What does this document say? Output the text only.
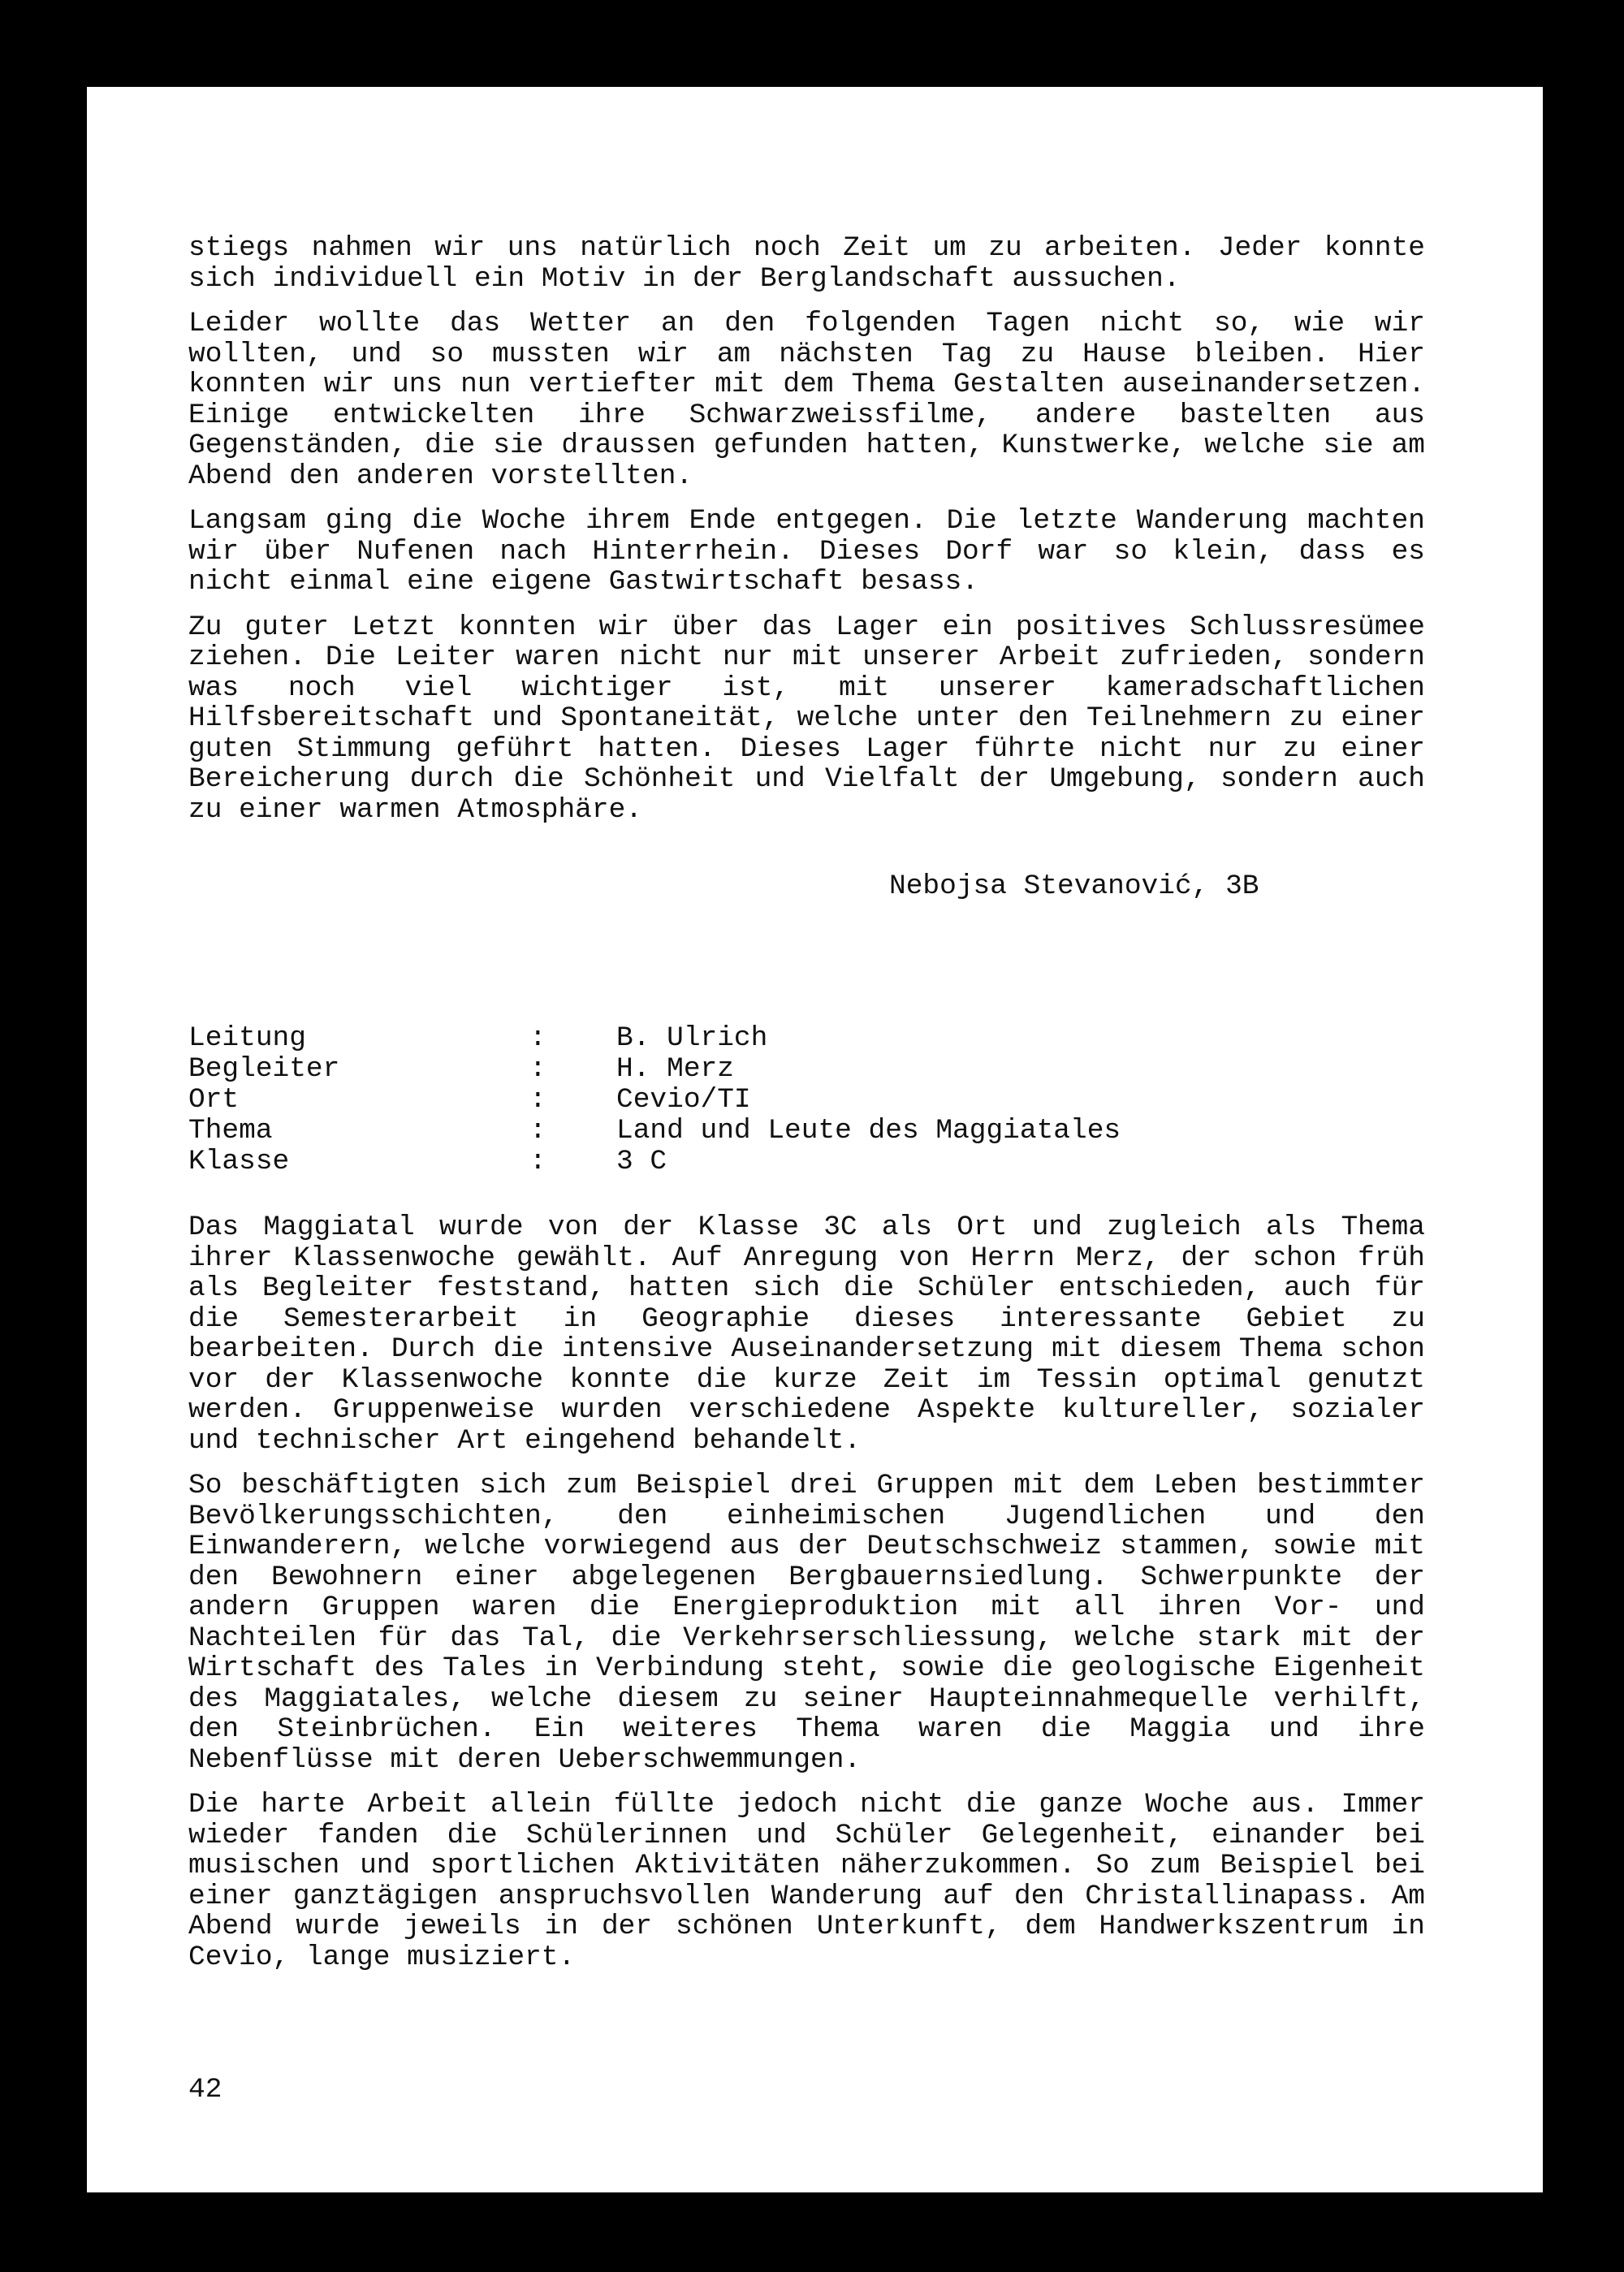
stiegs nahmen wir uns natürlich noch Zeit um zu arbeiten. Jeder konnte sich individuell ein Motiv in der Berglandschaft aussuchen.

Leider wollte das Wetter an den folgenden Tagen nicht so, wie wir wollten, und so mussten wir am nächsten Tag zu Hause bleiben. Hier konnten wir uns nun vertiefter mit dem Thema Gestalten auseinandersetzen. Einige entwickelten ihre Schwarzweissfilme, andere bastelten aus Gegenständen, die sie draussen gefunden hatten, Kunstwerke, welche sie am Abend den anderen vorstellten.

Langsam ging die Woche ihrem Ende entgegen. Die letzte Wanderung machten wir über Nufenen nach Hinterrhein. Dieses Dorf war so klein, dass es nicht einmal eine eigene Gastwirtschaft besass.

Zu guter Letzt konnten wir über das Lager ein positives Schlussresümee ziehen. Die Leiter waren nicht nur mit unserer Arbeit zufrieden, sondern was noch viel wichtiger ist, mit unserer kameradschaftlichen Hilfsbereitschaft und Spontaneität, welche unter den Teilnehmern zu einer guten Stimmung geführt hatten. Dieses Lager führte nicht nur zu einer Bereicherung durch die Schönheit und Vielfalt der Umgebung, sondern auch zu einer warmen Atmosphäre.

Nebojsa Stevanović, 3B
Leitung	:	B. Ulrich
Begleiter	:	H. Merz
Ort	:	Cevio/TI
Thema	:	Land und Leute des Maggiatales
Klasse	:	3 C

Das Maggiatal wurde von der Klasse 3C als Ort und zugleich als Thema ihrer Klassenwoche gewählt. Auf Anregung von Herrn Merz, der schon früh als Begleiter feststand, hatten sich die Schüler entschieden, auch für die Semesterarbeit in Geographie dieses interessante Gebiet zu bearbeiten. Durch die intensive Auseinandersetzung mit diesem Thema schon vor der Klassenwoche konnte die kurze Zeit im Tessin optimal genutzt werden. Gruppenweise wurden verschiedene Aspekte kultureller, sozialer und technischer Art eingehend behandelt.

So beschäftigten sich zum Beispiel drei Gruppen mit dem Leben bestimmter Bevölkerungsschichten, den einheimischen Jugendlichen und den Einwanderern, welche vorwiegend aus der Deutschschweiz stammen, sowie mit den Bewohnern einer abgelegenen Bergbauernsiedlung. Schwerpunkte der andern Gruppen waren die Energieproduktion mit all ihren Vor- und Nachteilen für das Tal, die Verkehrserschliessung, welche stark mit der Wirtschaft des Tales in Verbindung steht, sowie die geologische Eigenheit des Maggiatales, welche diesem zu seiner Haupteinnahmequelle verhilft, den Steinbrüchen. Ein weiteres Thema waren die Maggia und ihre Nebenflüsse mit deren Ueberschwemmungen.

Die harte Arbeit allein füllte jedoch nicht die ganze Woche aus. Immer wieder fanden die Schülerinnen und Schüler Gelegenheit, einander bei musischen und sportlichen Aktivitäten näherzukommen. So zum Beispiel bei einer ganztägigen anspruchsvollen Wanderung auf den Christallinapass. Am Abend wurde jeweils in der schönen Unterkunft, dem Handwerkszentrum in Cevio, lange musiziert.

42
